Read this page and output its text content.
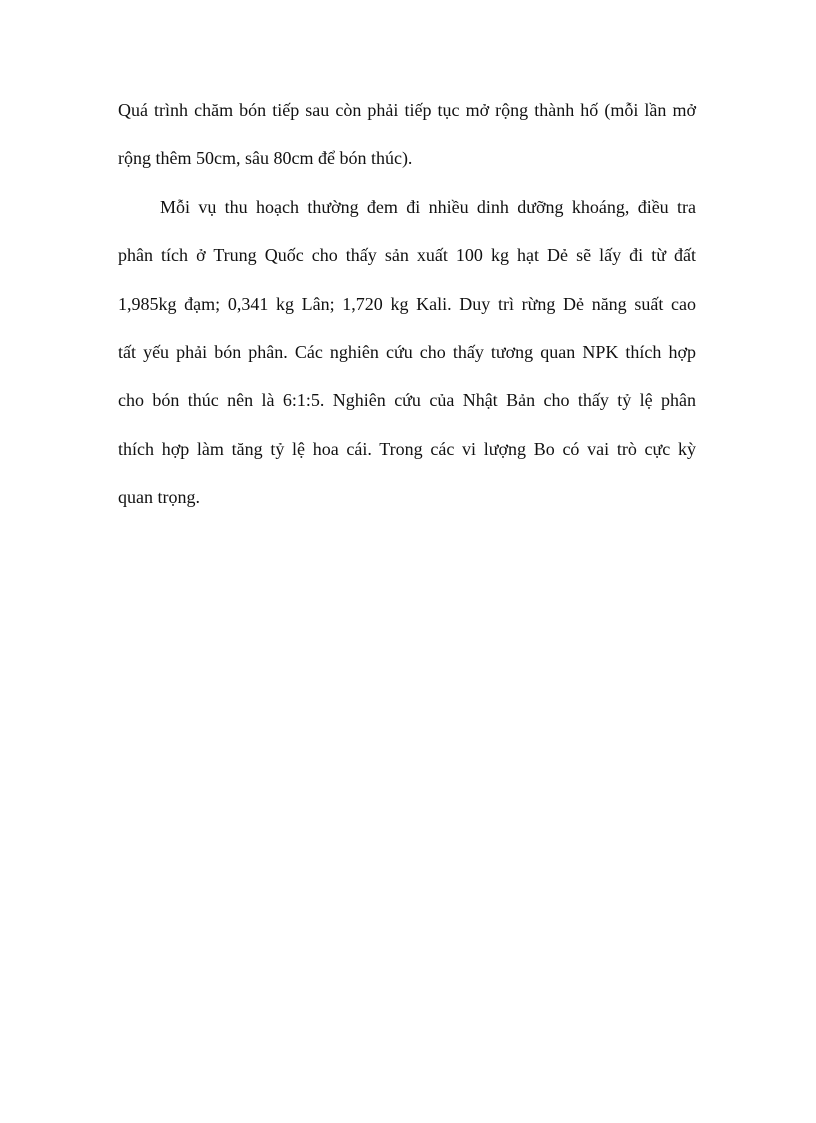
Quá trình chăm bón tiếp sau còn phải tiếp tục mở rộng thành hố (mỗi lần mở
rộng thêm 50cm, sâu 80cm để bón thúc).
Mỗi vụ thu hoạch thường đem đi nhiều dinh dưỡng khoáng, điều tra
phân tích ở Trung Quốc cho thấy sản xuất 100 kg hạt Dẻ sẽ lấy đi từ đất
1,985kg đạm; 0,341 kg Lân; 1,720 kg Kali. Duy trì rừng Dẻ năng suất cao
tất yếu phải bón phân. Các nghiên cứu cho thấy tương quan NPK thích hợp
cho bón thúc nên là 6:1:5. Nghiên cứu của Nhật Bản cho thấy tỷ lệ phân
thích hợp làm tăng tỷ lệ hoa cái. Trong các vi lượng Bo có vai trò cực kỳ
quan trọng.
